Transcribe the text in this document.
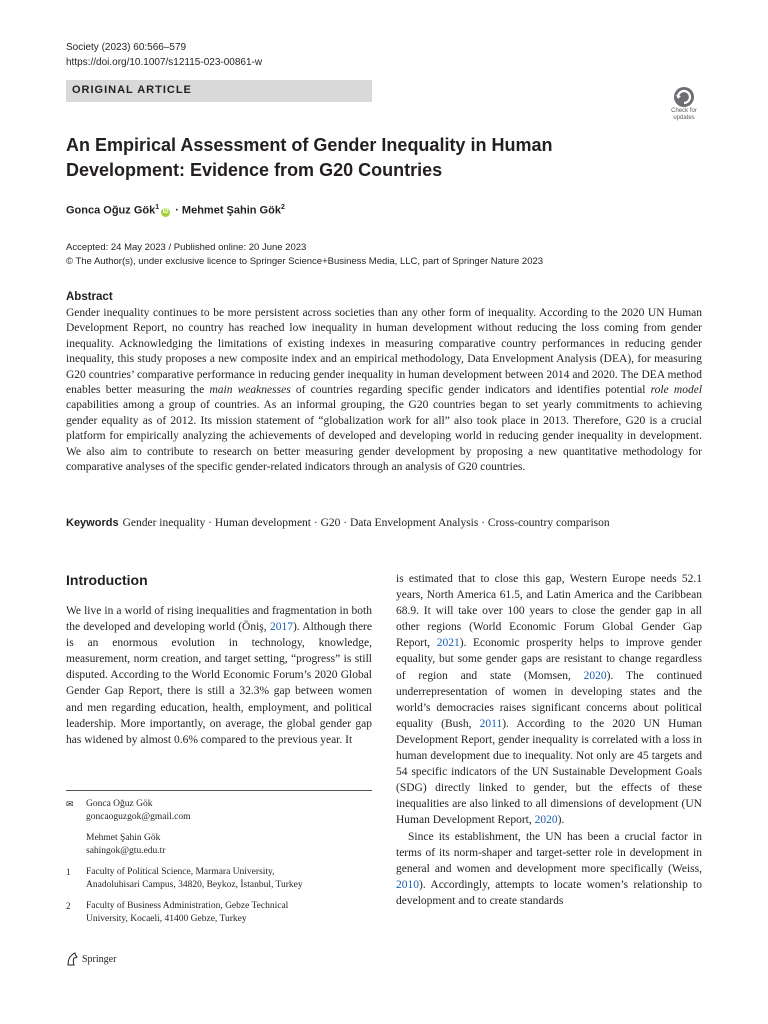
Society (2023) 60:566–579
https://doi.org/10.1007/s12115-023-00861-w
ORIGINAL ARTICLE
Check for
updates
An Empirical Assessment of Gender Inequality in Human Development: Evidence from G20 Countries
Gonca Oğuz Gök$^1$iD · Mehmet Şahin Gök$^2$
Accepted: 24 May 2023 / Published online: 20 June 2023
© The Author(s), under exclusive licence to Springer Science+Business Media, LLC, part of Springer Nature 2023
Abstract
Gender inequality continues to be more persistent across societies than any other form of inequality. According to the 2020 UN Human Development Report, no country has reached low inequality in human development without reducing the loss coming from gender inequality. Acknowledging the limitations of existing indexes in measuring comparative country performances in reducing gender inequality, this study proposes a new composite index and an empirical methodology, Data Envelopment Analysis (DEA), for measuring G20 countries’ comparative performance in reducing gender inequality in human development between 2014 and 2020. The DEA method enables better measuring the main weaknesses of countries regarding specific gender indicators and identifies potential role model capabilities among a group of countries. As an informal grouping, the G20 countries began to set yearly commitments to achieving gender equality as of 2012. Its mission statement of “globalization work for all” also took place in 2013. Therefore, G20 is a crucial platform for empirically analyzing the achievements of developed and developing world in reducing gender inequality in development. We also aim to contribute to research on better measuring gender development by proposing a new quantitative methodology for comparative analyses of the specific gender-related indicators through an analysis of G20 countries.
Keywords Gender inequality · Human development · G20 · Data Envelopment Analysis · Cross-country comparison
Introduction
We live in a world of rising inequalities and fragmentation in both the developed and developing world (Öniş, 2017). Although there is an enormous evolution in technology, knowledge, measurement, norm creation, and target setting, “progress” is still disputed. According to the World Economic Forum’s 2020 Global Gender Gap Report, there is still a 32.3% gap between women and men regarding education, health, employment, and political leadership. More importantly, on average, the global gender gap has widened by almost 0.6% compared to the previous year. It
✉	Gonca Oğuz Gök
goncaoguzgok@gmail.com
Mehmet Şahin Gök
sahingok@gtu.edu.tr
1	Faculty of Political Science, Marmara University,
Anadoluhisari Campus, 34820, Beykoz, İstanbul, Turkey
2	Faculty of Business Administration, Gebze Technical
University, Kocaeli, 41400 Gebze, Turkey

is estimated that to close this gap, Western Europe needs 52.1 years, North America 61.5, and Latin America and the Caribbean 68.9. It will take over 100 years to close the gender gap in all other regions (World Economic Forum Global Gender Gap Report, 2021). Economic prosperity helps to improve gender equality, but some gender gaps are resistant to change regardless of region and state (Momsen, 2020). The continued underrepresentation of women in developing states and the world’s democracies raises significant concerns about political equality (Bush, 2011). According to the 2020 UN Human Development Report, gender inequality is correlated with a loss in human development due to inequality. Not only are 45 targets and 54 specific indicators of the UN Sustainable Development Goals (SDG) directly linked to gender, but the effects of these inequalities are also linked to all dimensions of development (UN Human Development Report, 2020).

Since its establishment, the UN has been a crucial factor in terms of its norm-shaper and target-setter role in development in general and women and development more specifically (Weiss, 2010). Accordingly, attempts to locate women’s relationship to development and to create standards

Springer
